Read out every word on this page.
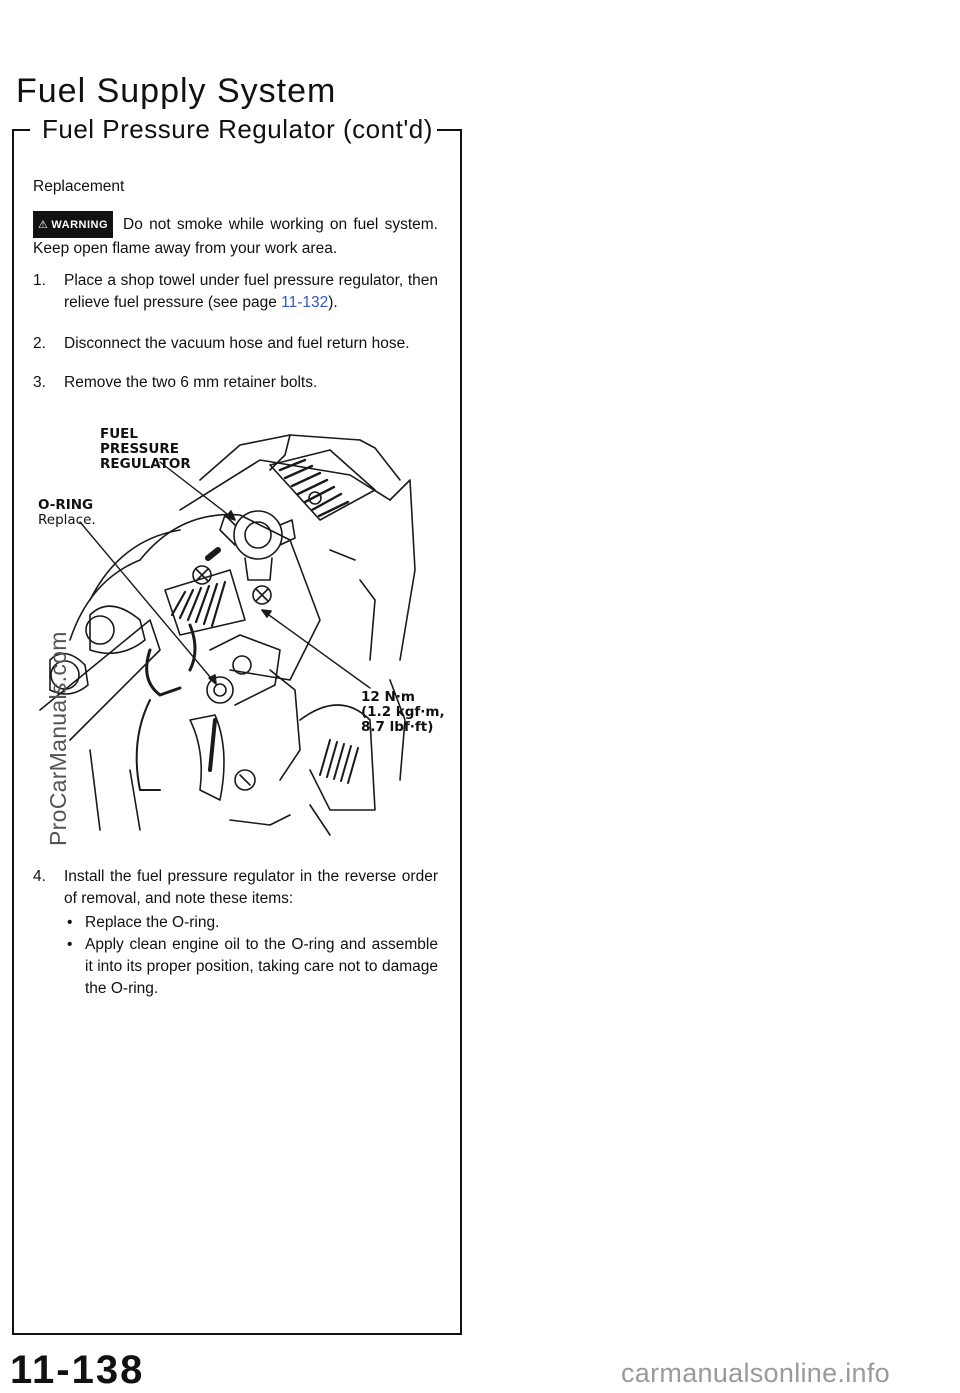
Fuel Supply System
Fuel Pressure Regulator (cont'd)
Replacement
⚠ WARNING Do not smoke while working on fuel system. Keep open flame away from your work area.
1. Place a shop towel under fuel pressure regulator, then relieve fuel pressure (see page 11-132).
2. Disconnect the vacuum hose and fuel return hose.
3. Remove the two 6 mm retainer bolts.
FUEL
PRESSURE
REGULATOR
O-RING
Replace.
12 N·m
(1.2 kgf·m,
8.7 lbf·ft)
4. Install the fuel pressure regulator in the reverse order of removal, and note these items:
• Replace the O-ring.
• Apply clean engine oil to the O-ring and assemble it into its proper position, taking care not to damage the O-ring.
ProCarManuals.com
11-138	carmanualsonline.info
